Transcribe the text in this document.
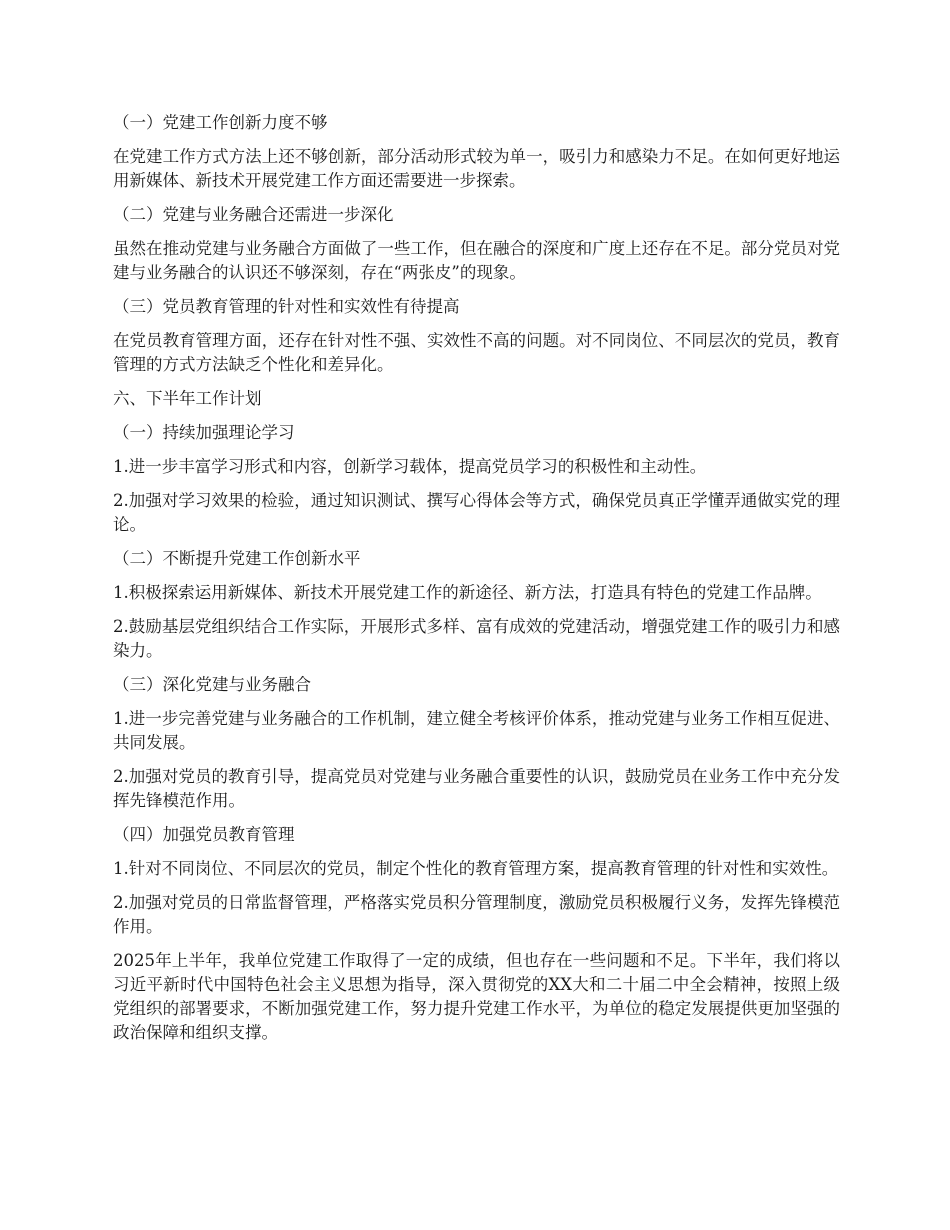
（一）党建工作创新力度不够

在党建工作方式方法上还不够创新，部分活动形式较为单一，吸引力和感染力不足。在如何更好地运用新媒体、新技术开展党建工作方面还需要进一步探索。

（二）党建与业务融合还需进一步深化

虽然在推动党建与业务融合方面做了一些工作，但在融合的深度和广度上还存在不足。部分党员对党建与业务融合的认识还不够深刻，存在“两张皮”的现象。

（三）党员教育管理的针对性和实效性有待提高

在党员教育管理方面，还存在针对性不强、实效性不高的问题。对不同岗位、不同层次的党员，教育管理的方式方法缺乏个性化和差异化。

六、下半年工作计划

（一）持续加强理论学习

1.进一步丰富学习形式和内容，创新学习载体，提高党员学习的积极性和主动性。

2.加强对学习效果的检验，通过知识测试、撰写心得体会等方式，确保党员真正学懂弄通做实党的理论。

（二）不断提升党建工作创新水平

1.积极探索运用新媒体、新技术开展党建工作的新途径、新方法，打造具有特色的党建工作品牌。

2.鼓励基层党组织结合工作实际，开展形式多样、富有成效的党建活动，增强党建工作的吸引力和感染力。

（三）深化党建与业务融合

1.进一步完善党建与业务融合的工作机制，建立健全考核评价体系，推动党建与业务工作相互促进、共同发展。

2.加强对党员的教育引导，提高党员对党建与业务融合重要性的认识，鼓励党员在业务工作中充分发挥先锋模范作用。

（四）加强党员教育管理

1.针对不同岗位、不同层次的党员，制定个性化的教育管理方案，提高教育管理的针对性和实效性。

2.加强对党员的日常监督管理，严格落实党员积分管理制度，激励党员积极履行义务，发挥先锋模范作用。

2025年上半年，我单位党建工作取得了一定的成绩，但也存在一些问题和不足。下半年，我们将以习近平新时代中国特色社会主义思想为指导，深入贯彻党的XX大和二十届二中全会精神，按照上级党组织的部署要求，不断加强党建工作，努力提升党建工作水平，为单位的稳定发展提供更加坚强的政治保障和组织支撑。
